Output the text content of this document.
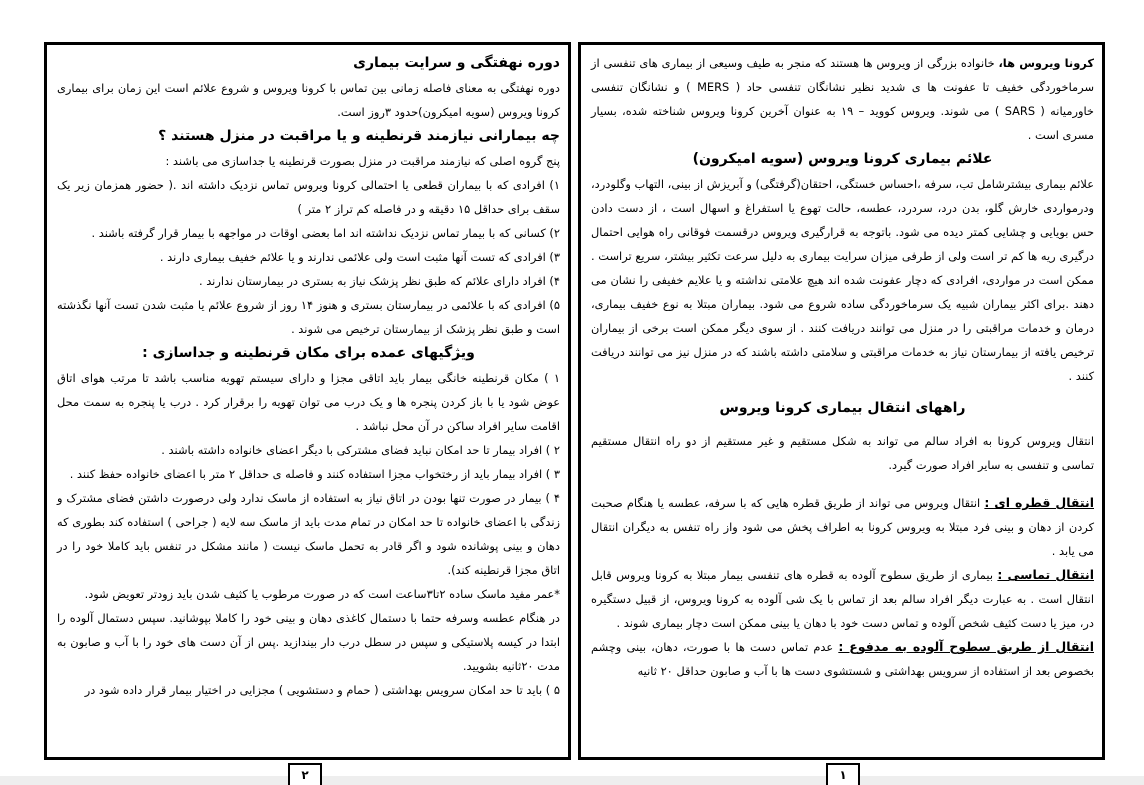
دوره نهفتگی و سرایت بیماری

دوره نهفتگی به معنای فاصله زمانی بین تماس با کرونا ویروس و شروع علائم است این زمان برای بیماری کرونا ویروس (سویه امیکرون)حدود ۳روز است.

چه بیمارانی نیازمند قرنطینه و یا مراقبت در منزل هستند ؟

پنج گروه اصلی که نیازمند مراقبت در منزل بصورت قرنطینه یا جداسازی می باشند :

۱) افرادی که با بیماران قطعی یا احتمالی کرونا ویروس تماس نزدیک داشته اند .( حضور همزمان زیر یک سقف برای حداقل ۱۵ دقیقه و در فاصله کم تراز ۲ متر )

۲) کسانی که با بیمار تماس نزدیک نداشته اند اما بعضی اوقات در مواجهه با بیمار قرار گرفته باشند .

۳) افرادی که تست آنها مثبت است ولی علائمی ندارند و یا علائم خفیف بیماری دارند .

۴) افراد دارای علائم که طبق نظر پزشک نیاز به بستری در بیمارستان ندارند .

۵) افرادی که با علائمی در بیمارستان بستری و هنوز ۱۴ روز از شروع علائم یا مثبت شدن تست آنها نگذشته است و طبق نظر پزشک از بیمارستان ترخیص می شوند .

ویژگیهای عمده برای مکان قرنطینه و جداسازی :

۱ ) مکان قرنطینه خانگی بیمار باید اتاقی مجزا و دارای سیستم تهویه مناسب باشد تا مرتب هوای اتاق عوض شود یا با باز کردن پنجره ها و یک درب می توان تهویه را برقرار کرد . درب یا پنجره به سمت محل اقامت سایر افراد ساکن در آن محل نباشد .

۲ ) افراد بیمار تا حد امکان نباید فضای مشترکی با دیگر اعضای خانواده داشته باشند .

۳ ) افراد بیمار باید از رختخواب مجزا استفاده کنند و فاصله ی حداقل ۲ متر با اعضای خانواده حفظ کنند .

۴ ) بیمار در صورت تنها بودن در اتاق نیاز به استفاده از ماسک ندارد ولی درصورت داشتن فضای مشترک و زندگی با اعضای خانواده تا حد امکان در تمام مدت باید از ماسک سه لایه ( جراحی ) استفاده کند بطوری که دهان و بینی پوشانده شود و اگر قادر به تحمل ماسک نیست ( مانند مشکل در تنفس باید کاملا خود را در اتاق مجزا قرنطینه کند).

*عمر مفید ماسک ساده ۲تا۳ساعت است که در صورت مرطوب یا کثیف شدن باید زودتر تعویض شود.

در هنگام عطسه وسرفه حتما با دستمال کاغذی دهان و بینی خود را کاملا بپوشانید. سپس دستمال آلوده را ابتدا در کیسه پلاستیکی و سپس در سطل درب دار بیندازید .پس از آن دست های خود را با آب و صابون به مدت ۲۰ثانیه بشویید.

۵ ) باید تا حد امکان سرویس بهداشتی ( حمام و دستشویی ) مجزایی در اختیار بیمار قرار داده شود در

کرونا ویروس ها، خانواده بزرگی از ویروس ها هستند که منجر به طیف وسیعی از بیماری های تنفسی از سرماخوردگی خفیف تا عفونت ها ی شدید نظیر نشانگان تنفسی حاد ( MERS ) و نشانگان تنفسی خاورمیانه ( SARS ) می شوند. ویروس کووید – ۱۹ به عنوان آخرین کرونا ویروس شناخته شده، بسیار مسری است .

علائم بیماری کرونا ویروس (سویه امیکرون)

علائم بیماری بیشترشامل تب، سرفه ،احساس خستگی، احتقان(گرفتگی) و آبریزش از بینی، التهاب وگلودرد، ودرمواردی خارش گلو، بدن درد، سردرد، عطسه، حالت تهوع یا استفراغ و اسهال است ، از دست دادن حس بویایی و چشایی کمتر دیده می شود. باتوجه به قرارگیری ویروس درقسمت فوقانی راه هوایی احتمال درگیری ریه ها کم تر است ولی از طرفی میزان سرایت بیماری به دلیل سرعت تکثیر بیشتر، سریع تراست . ممکن است در مواردی، افرادی که دچار عفونت شده اند هیچ علامتی نداشته و یا علایم خفیفی را نشان می دهند .برای اکثر بیماران شبیه یک سرماخوردگی ساده شروع می شود. بیماران مبتلا به نوع خفیف بیماری، درمان و خدمات مراقبتی را در منزل می توانند دریافت کنند . از سوی دیگر ممکن است برخی از بیماران ترخیص یافته از بیمارستان نیاز به خدمات مراقبتی و سلامتی داشته باشند که در منزل نیز می توانند دریافت کنند .

راههای انتقال بیماری کرونا ویروس

انتقال ویروس کرونا به افراد سالم می تواند به شکل مستقیم و غیر مستقیم از دو راه انتقال مستقیم تماسی و تنفسی به سایر افراد صورت گیرد.

انتقال قطره ای : انتقال ویروس می تواند از طریق قطره هایی که با سرفه، عطسه یا هنگام صحبت کردن از دهان و بینی فرد مبتلا به ویروس کرونا به اطراف پخش می شود واز راه تنفس به دیگران انتقال می یابد .

انتقال تماسی : بیماری از طریق سطوح آلوده به قطره های تنفسی بیمار مبتلا به کرونا ویروس قابل انتقال است . به عبارت دیگر افراد سالم بعد از تماس با یک شی آلوده به کرونا ویروس، از قبیل دستگیره در، میز یا دست کثیف شخص آلوده و تماس دست خود با دهان یا بینی ممکن است دچار بیماری شوند .

انتقال از طریق سطوح آلوده به مدفوع : عدم تماس دست ها با صورت، دهان، بینی وچشم بخصوص بعد از استفاده از سرویس بهداشتی و شستشوی دست ها با آب و صابون حداقل ۲۰ ثانیه

۲	۱
